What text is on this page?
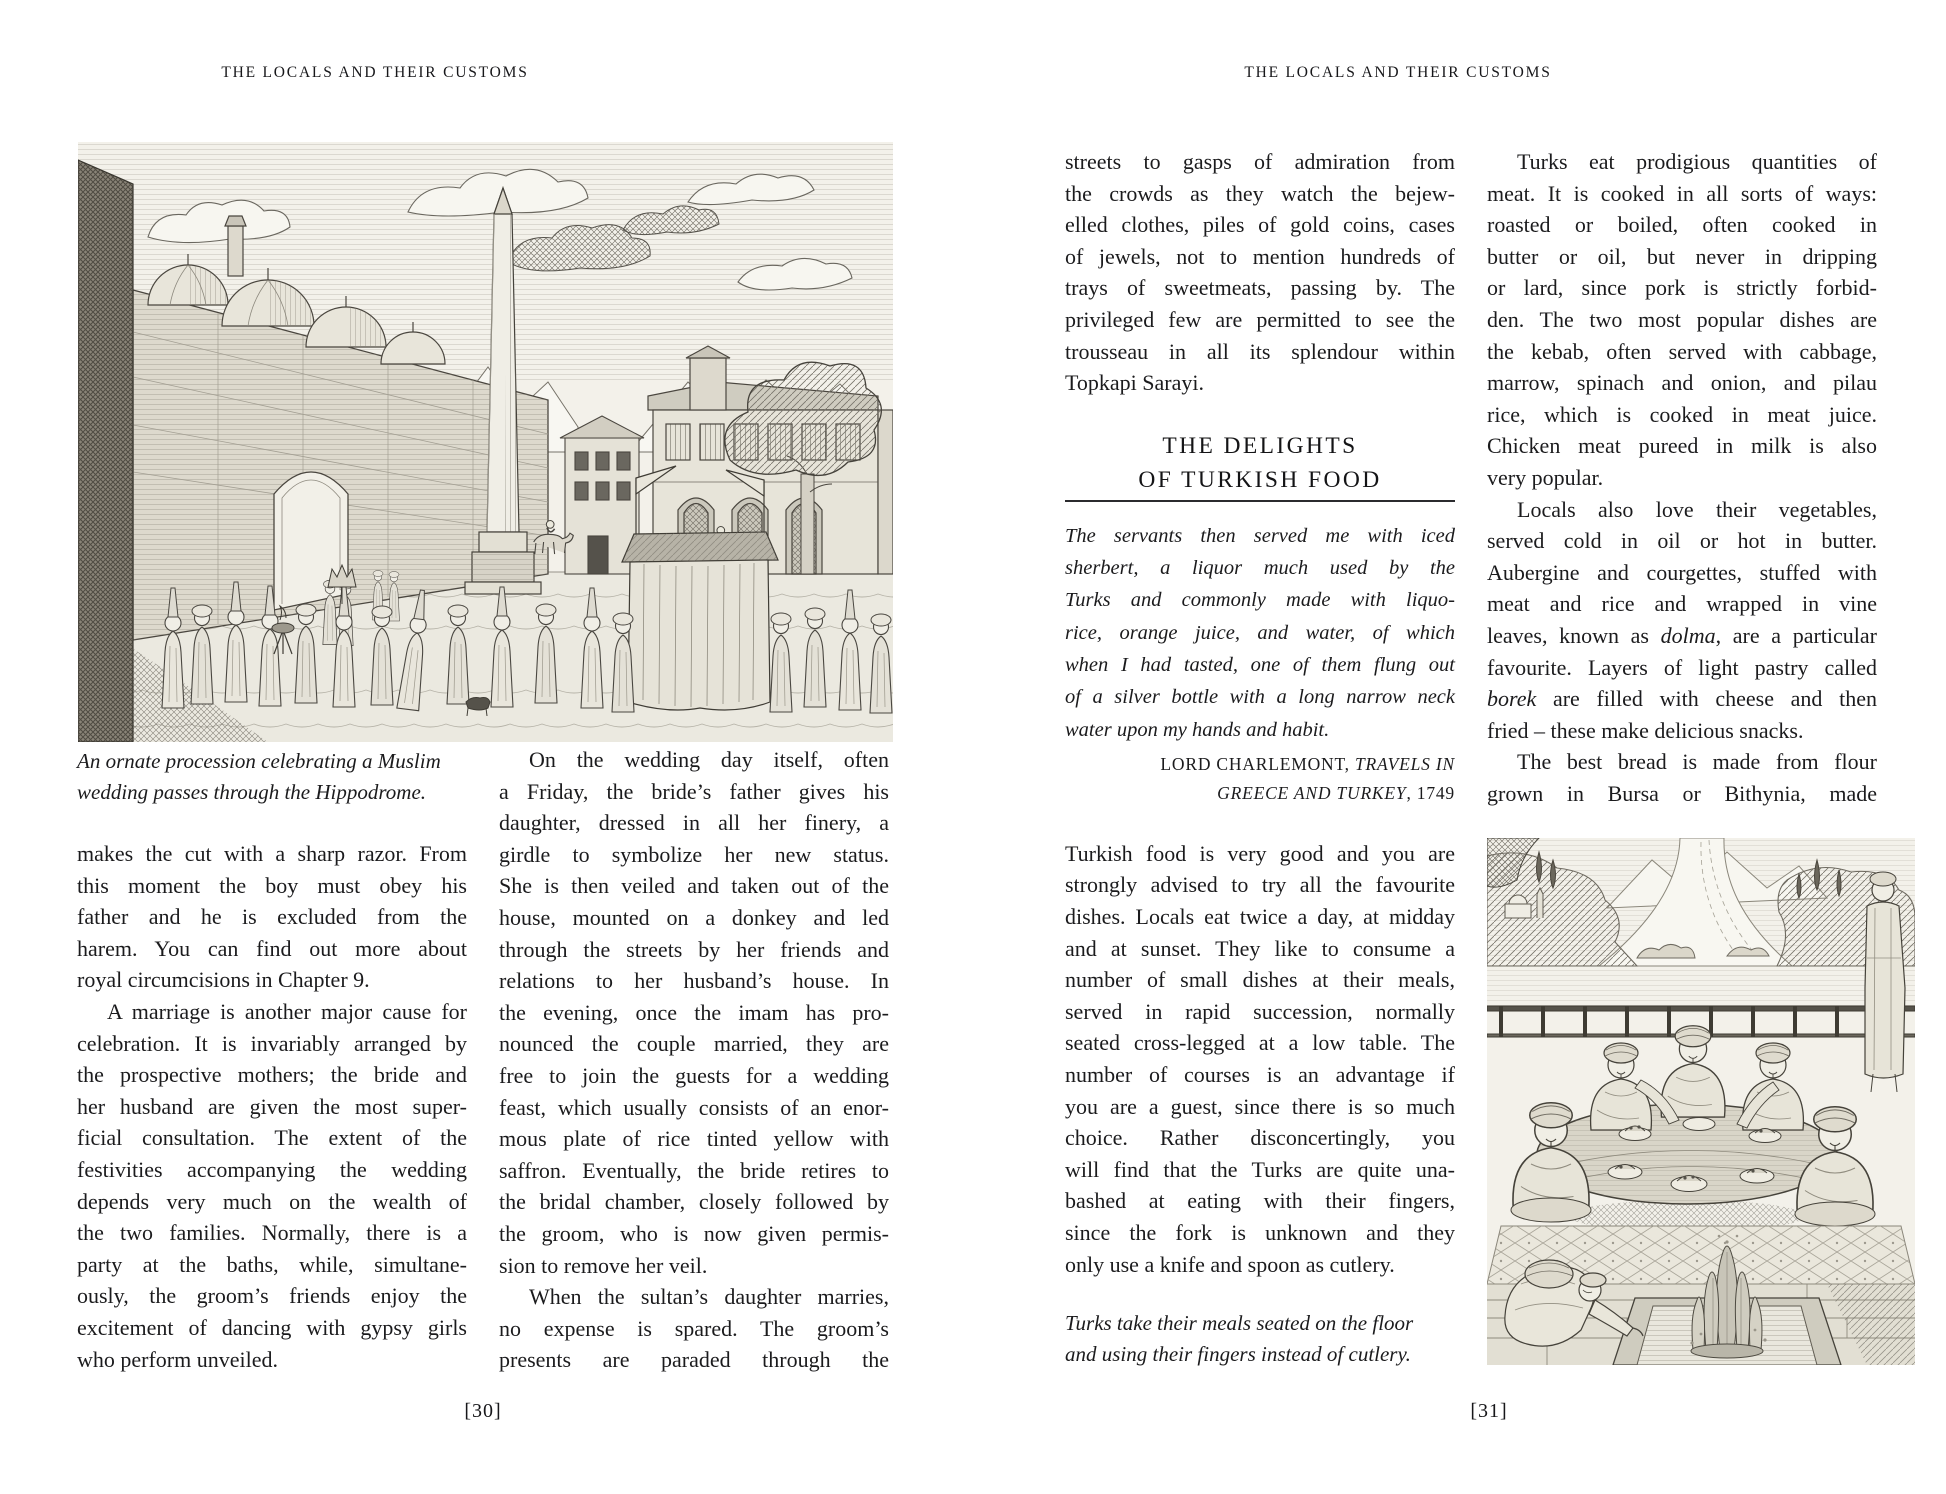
THE LOCALS AND THEIR CUSTOMS	THE LOCALS AND THEIR CUSTOMS
An ornate procession celebrating a Muslim
wedding passes through the Hippodrome.
makes the cut with a sharp razor. From
this moment the boy must obey his
father and he is excluded from the
harem. You can find out more about
royal circumcisions in Chapter 9.
A marriage is another major cause for
celebration. It is invariably arranged by
the prospective mothers; the bride and
her husband are given the most super-
ficial consultation. The extent of the
festivities accompanying the wedding
depends very much on the wealth of
the two families. Normally, there is a
party at the baths, while, simultane-
ously, the groom’s friends enjoy the
excitement of dancing with gypsy girls
who perform unveiled.
On the wedding day itself, often
a Friday, the bride’s father gives his
daughter, dressed in all her finery, a
girdle to symbolize her new status.
She is then veiled and taken out of the
house, mounted on a donkey and led
through the streets by her friends and
relations to her husband’s house. In
the evening, once the imam has pro-
nounced the couple married, they are
free to join the guests for a wedding
feast, which usually consists of an enor-
mous plate of rice tinted yellow with
saffron. Eventually, the bride retires to
the bridal chamber, closely followed by
the groom, who is now given permis-
sion to remove her veil.
When the sultan’s daughter marries,
no expense is spared. The groom’s
presents are paraded through the
[30]
streets to gasps of admiration from
the crowds as they watch the bejew-
elled clothes, piles of gold coins, cases
of jewels, not to mention hundreds of
trays of sweetmeats, passing by. The
privileged few are permitted to see the
trousseau in all its splendour within
Topkapi Sarayi.
THE DELIGHTS
OF TURKISH FOOD
The servants then served me with iced
sherbert, a liquor much used by the
Turks and commonly made with liquo-
rice, orange juice, and water, of which
when I had tasted, one of them flung out
of a silver bottle with a long narrow neck
water upon my hands and habit.
LORD CHARLEMONT, TRAVELS IN
GREECE AND TURKEY, 1749
Turkish food is very good and you are
strongly advised to try all the favourite
dishes. Locals eat twice a day, at midday
and at sunset. They like to consume a
number of small dishes at their meals,
served in rapid succession, normally
seated cross-legged at a low table. The
number of courses is an advantage if
you are a guest, since there is so much
choice. Rather disconcertingly, you
will find that the Turks are quite una-
bashed at eating with their fingers,
since the fork is unknown and they
only use a knife and spoon as cutlery.
Turks take their meals seated on the floor
and using their fingers instead of cutlery.
Turks eat prodigious quantities of
meat. It is cooked in all sorts of ways:
roasted or boiled, often cooked in
butter or oil, but never in dripping
or lard, since pork is strictly forbid-
den. The two most popular dishes are
the kebab, often served with cabbage,
marrow, spinach and onion, and pilau
rice, which is cooked in meat juice.
Chicken meat pureed in milk is also
very popular.
Locals also love their vegetables,
served cold in oil or hot in butter.
Aubergine and courgettes, stuffed with
meat and rice and wrapped in vine
leaves, known as dolma, are a particular
favourite. Layers of light pastry called
borek are filled with cheese and then
fried – these make delicious snacks.
The best bread is made from flour
grown in Bursa or Bithynia, made
[31]
